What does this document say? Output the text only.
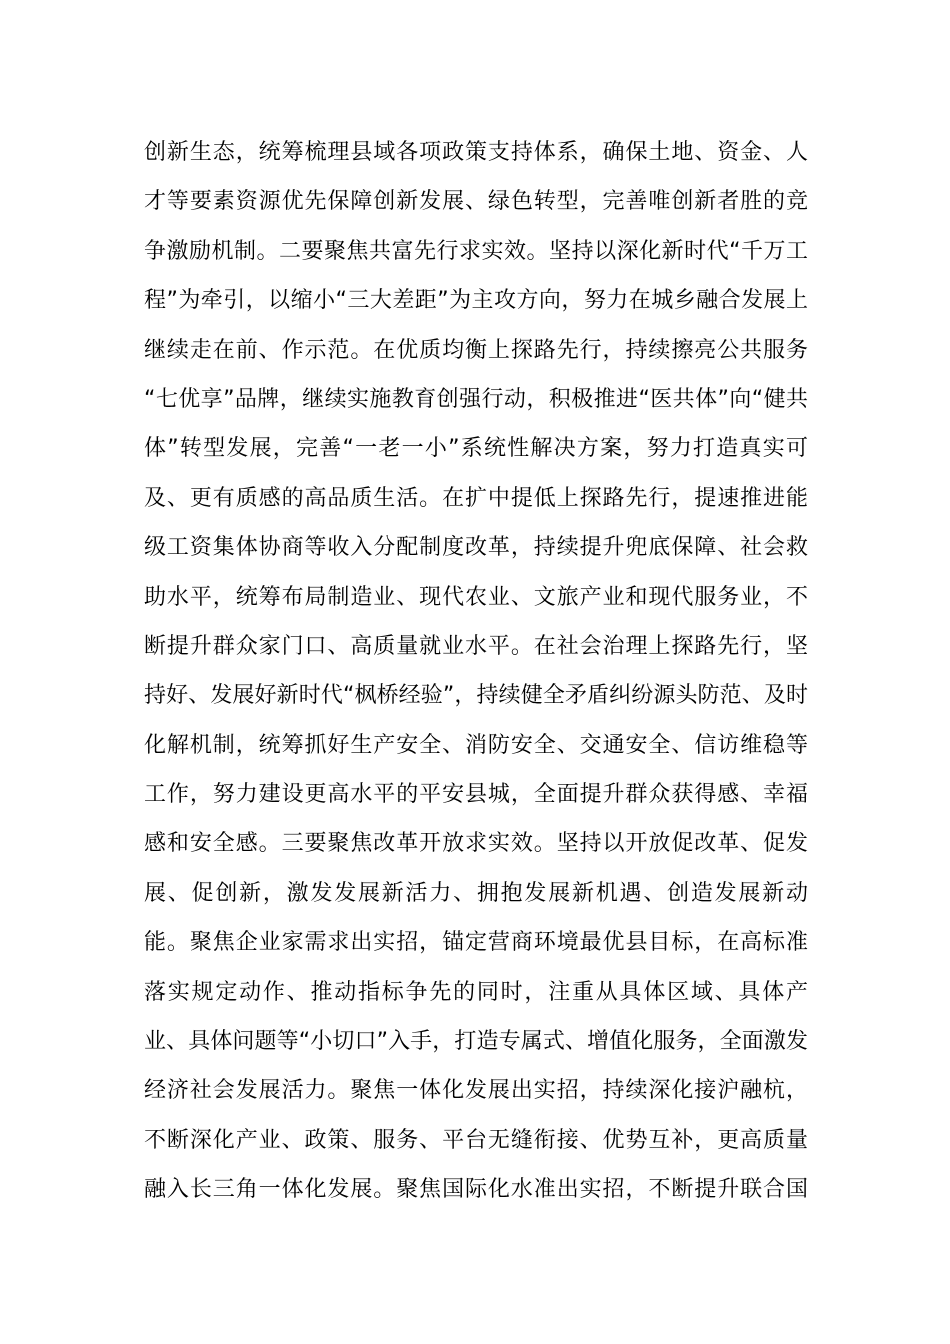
创新生态，统筹梳理县域各项政策支持体系，确保土地、资金、人
才等要素资源优先保障创新发展、绿色转型，完善唯创新者胜的竞
争激励机制。二要聚焦共富先行求实效。坚持以深化新时代“千万工
程”为牵引，以缩小“三大差距”为主攻方向，努力在城乡融合发展上
继续走在前、作示范。在优质均衡上探路先行，持续擦亮公共服务
“七优享”品牌，继续实施教育创强行动，积极推进“医共体”向“健共
体”转型发展，完善“一老一小”系统性解决方案，努力打造真实可
及、更有质感的高品质生活。在扩中提低上探路先行，提速推进能
级工资集体协商等收入分配制度改革，持续提升兜底保障、社会救
助水平，统筹布局制造业、现代农业、文旅产业和现代服务业，不
断提升群众家门口、高质量就业水平。在社会治理上探路先行，坚
持好、发展好新时代“枫桥经验”，持续健全矛盾纠纷源头防范、及时
化解机制，统筹抓好生产安全、消防安全、交通安全、信访维稳等
工作，努力建设更高水平的平安县城，全面提升群众获得感、幸福
感和安全感。三要聚焦改革开放求实效。坚持以开放促改革、促发
展、促创新，激发发展新活力、拥抱发展新机遇、创造发展新动
能。聚焦企业家需求出实招，锚定营商环境最优县目标，在高标准
落实规定动作、推动指标争先的同时，注重从具体区域、具体产
业、具体问题等“小切口”入手，打造专属式、增值化服务，全面激发
经济社会发展活力。聚焦一体化发展出实招，持续深化接沪融杭，
不断深化产业、政策、服务、平台无缝衔接、优势互补，更高质量
融入长三角一体化发展。聚焦国际化水准出实招，不断提升联合国
